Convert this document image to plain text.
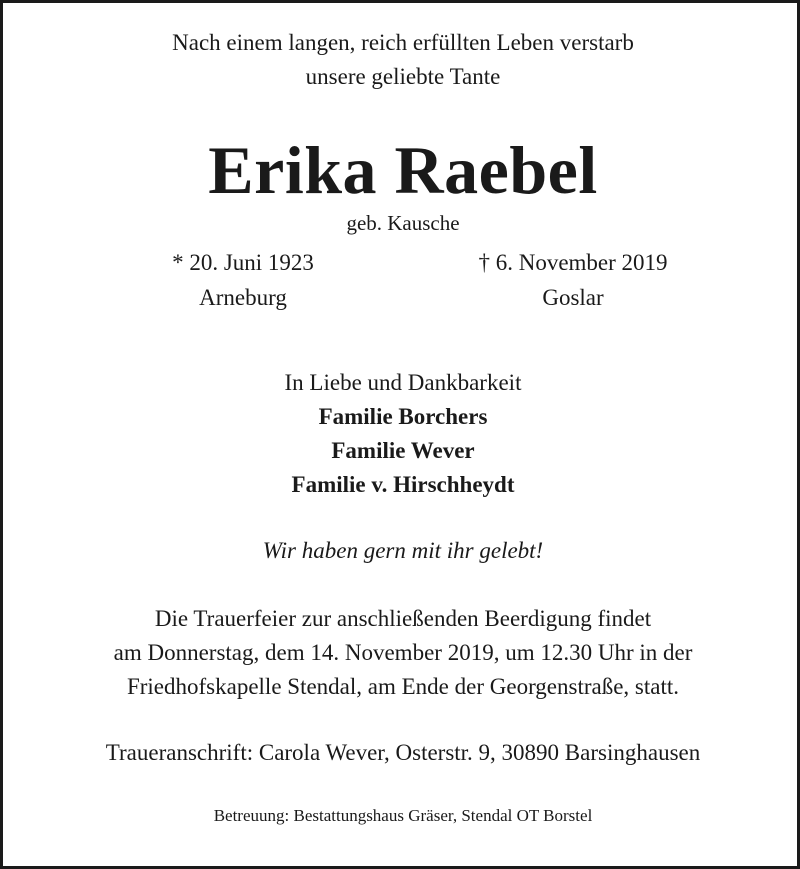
Nach einem langen, reich erfüllten Leben verstarb
unsere geliebte Tante
Erika Raebel
geb. Kausche
* 20. Juni 1923
Arneburg
† 6. November 2019
Goslar
In Liebe und Dankbarkeit
Familie Borchers
Familie Wever
Familie v. Hirschheydt
Wir haben gern mit ihr gelebt!
Die Trauerfeier zur anschließenden Beerdigung findet
am Donnerstag, dem 14. November 2019, um 12.30 Uhr in der
Friedhofskapelle Stendal, am Ende der Georgenstraße, statt.
Traueranschrift: Carola Wever, Osterstr. 9, 30890 Barsinghausen
Betreuung: Bestattungshaus Gräser, Stendal OT Borstel
